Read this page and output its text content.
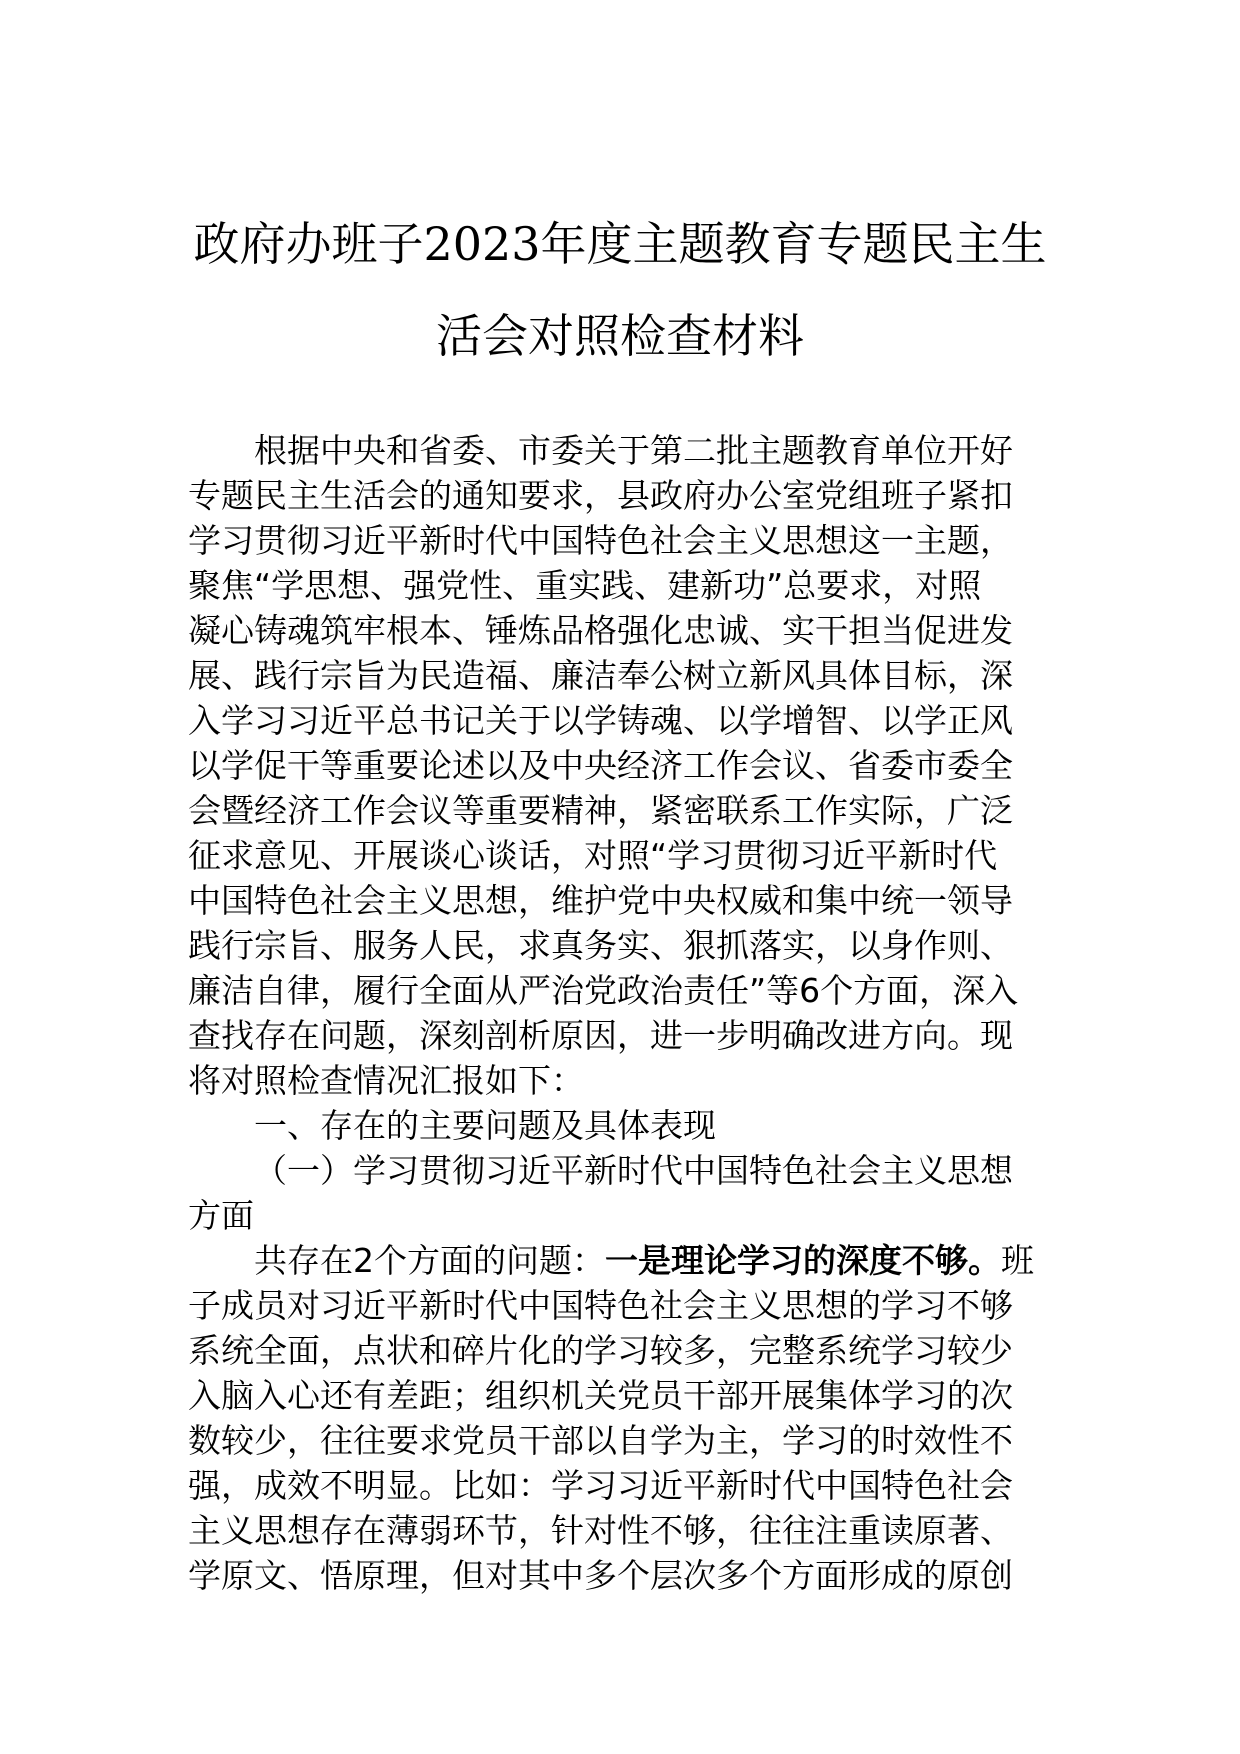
政府办班子2023年度主题教育专题民主生
活会对照检查材料
根据中央和省委、市委关于第二批主题教育单位开好
专题民主生活会的通知要求，县政府办公室党组班子紧扣
学习贯彻习近平新时代中国特色社会主义思想这一主题，
聚焦“学思想、强党性、重实践、建新功”总要求，对照
凝心铸魂筑牢根本、锤炼品格强化忠诚、实干担当促进发
展、践行宗旨为民造福、廉洁奉公树立新风具体目标，深
入学习习近平总书记关于以学铸魂、以学增智、以学正风
以学促干等重要论述以及中央经济工作会议、省委市委全
会暨经济工作会议等重要精神，紧密联系工作实际，广泛
征求意见、开展谈心谈话，对照“学习贯彻习近平新时代
中国特色社会主义思想，维护党中央权威和集中统一领导
践行宗旨、服务人民，求真务实、狠抓落实，以身作则、
廉洁自律，履行全面从严治党政治责任”等6个方面，深入
查找存在问题，深刻剖析原因，进一步明确改进方向。现
将对照检查情况汇报如下：
一、存在的主要问题及具体表现
（一）学习贯彻习近平新时代中国特色社会主义思想
方面
共存在2个方面的问题：一是理论学习的深度不够。班
子成员对习近平新时代中国特色社会主义思想的学习不够
系统全面，点状和碎片化的学习较多，完整系统学习较少
入脑入心还有差距；组织机关党员干部开展集体学习的次
数较少，往往要求党员干部以自学为主，学习的时效性不
强，成效不明显。比如：学习习近平新时代中国特色社会
主义思想存在薄弱环节，针对性不够，往往注重读原著、
学原文、悟原理，但对其中多个层次多个方面形成的原创
